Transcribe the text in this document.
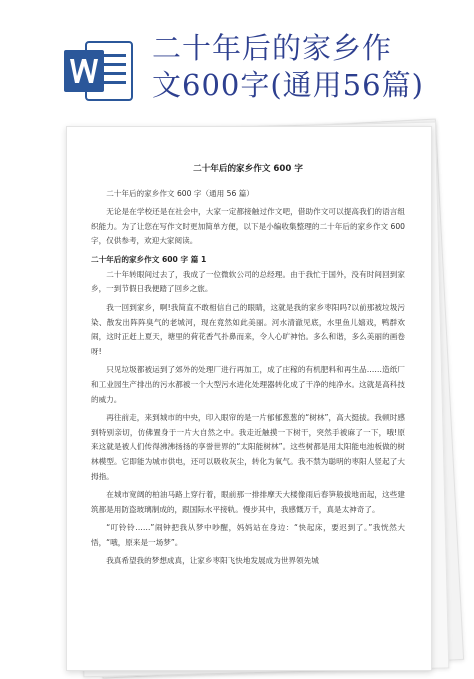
二十年后的家乡作
文600字(通用56篇)
二十年后的家乡作文 600 字
二十年后的家乡作文 600 字（通用 56 篇）
无论是在学校还是在社会中，大家一定都接触过作文吧，借助作文可以提高我们的语言组织能力。为了让您在写作文时更加简单方便，以下是小编收集整理的二十年后的家乡作文 600 字，仅供参考，欢迎大家阅读。
二十年后的家乡作文 600 字 篇 1
二十年转眼间过去了，我成了一位微软公司的总经理。由于我忙于国外，没有时间回到家乡，一到节假日我便踏了回乡之旅。
我一回到家乡，啊!我简直不敢相信自己的眼睛，这就是我的家乡枣阳吗?以前那被垃圾污染、散发出阵阵臭气的老城河，现在竟然如此美丽。河水清澈见底，水里鱼儿嬉戏，鸭群欢闹，这时正赶上夏天，塘里的荷花香气扑鼻而来，令人心旷神怡。多么和谐，多么美丽的画卷呀!
只见垃圾都被运到了郊外的处理厂进行再加工，成了庄稼的有机肥料和再生品……造纸厂和工业园生产排出的污水都被一个大型污水进化处理器转化成了干净的纯净水。这就是高科技的威力。
再往前走，来到城市的中央，印入眼帘的是一片郁郁葱葱的“树林”，高大挺拔。我顿时感到特别亲切，仿佛置身于一片大自然之中。我走近触摸一下树干，突然手被麻了一下，哦!原来这就是被人们传得沸沸扬扬的享誉世界的“太阳能树林”。这些树都是用太阳能电池板做的树林模型。它即能为城市供电，还可以吸收灰尘，转化为氧气。我不禁为聪明的枣阳人竖起了大拇指。
在城市宽阔的柏油马路上穿行着，眼前那一排排摩天大楼像雨后春笋般拔地而起，这些建筑都是用防盗玻璃制成的，跟国际水平接轨。慢步其中，我感慨万千，真是太神奇了。
“叮铃铃……”闹钟把我从梦中吵醒，妈妈站在身边：“快起床，要迟到了。”我恍然大悟，“哦，原来是一场梦”。
我真希望我的梦想成真，让家乡枣阳飞快地发展成为世界领先城
